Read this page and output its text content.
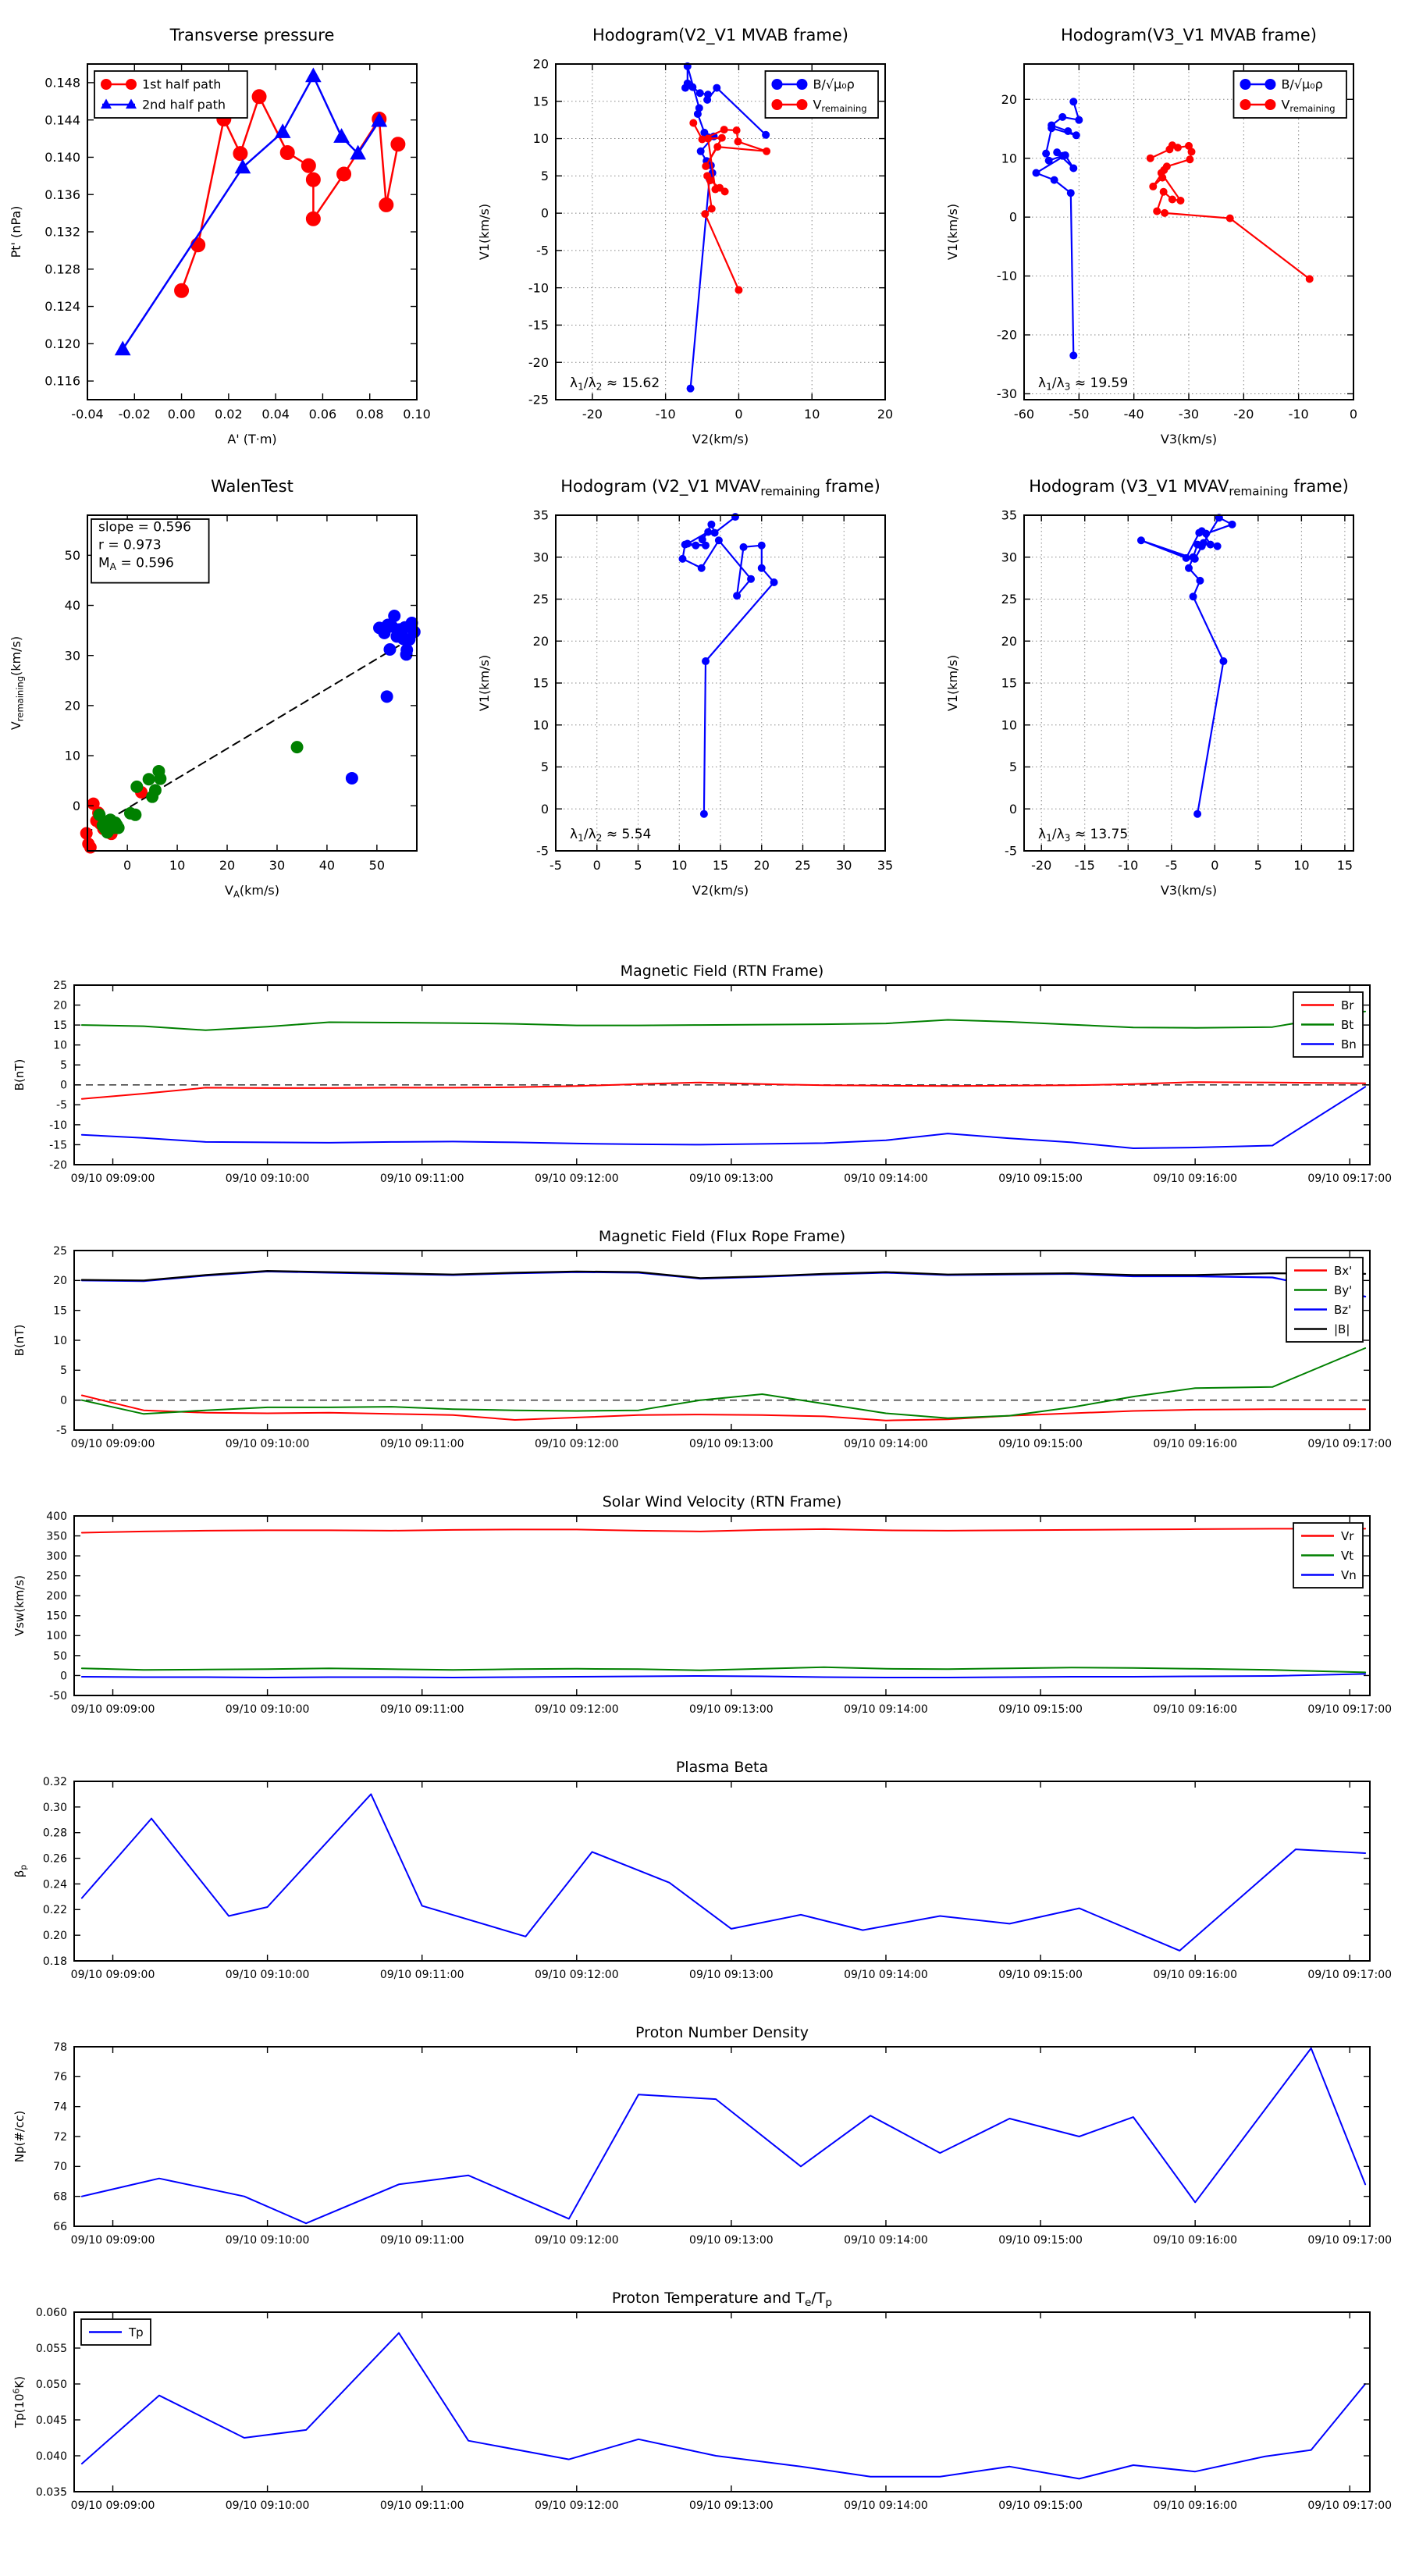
-0.04 -0.02 0.00 0.02 0.04 0.06 0.08 0.10
0.116
0.120
0.124
0.128
0.132
0.136
0.140
0.144
0.148
Transverse pressure
A' (T·m)
Pt' (nPa)
1st half path
2nd half path
-20	-10	0	10	20
-25
-20
-15
-10
-5
0
5
10
15
20
Hodogram(V2_V1 MVAB frame)
V2(km/s)
V1(km/s)
$\lambda_1/\lambda_2 \approx 15.62$
B/√μ₀ρ
$V_{remaining}$
-60	-50	-40	-30	-20	-10	0
-30
-20
-10
0
10
20
Hodogram(V3_V1 MVAB frame)
V3(km/s)
V1(km/s)
$\lambda_1/\lambda_3 \approx 19.59$
B/√μ₀ρ
$V_{remaining}$
0	10	20	30	40	50
0
10
20
30
40
50
WalenTest
$V_A(km/s)$
$V_{remaining}(km/s)$
slope = 0.596
r = 0.973
$M_A = 0.596$
-5 0	5 10 15 20 25 30 35
-5
0
5
10
15
20
25
30
35
Hodogram (V2_V1 $MVAV_{remaining}$ frame)
V2(km/s)
V1(km/s)
$\lambda_1/\lambda_2 \approx 5.54$
-20 -15 -10 -5	0	5	10 15
-5
0
5
10
15
20
25
30
35
Hodogram (V3_V1 $MVAV_{remaining}$ frame)
V3(km/s)
V1(km/s)
$\lambda_1/\lambda_3 \approx 13.75$
09/10 09:09:00	09/10 09:10:00	09/10 09:11:00	09/10 09:12:00	09/10 09:13:00	09/10 09:14:00	09/10 09:15:00	09/10 09:16:00	09/10 09:17:00
-20
-15
-10
-5
0
5
10
15
20
25
Magnetic Field (RTN Frame)
B(nT)
Br
Bt
Bn
09/10 09:09:00	09/10 09:10:00	09/10 09:11:00	09/10 09:12:00	09/10 09:13:00	09/10 09:14:00	09/10 09:15:00	09/10 09:16:00	09/10 09:17:00
-5
0
5
10
15
20
25
Magnetic Field (Flux Rope Frame)
B(nT)
Bx'
By'
Bz'
|B|
09/10 09:09:00	09/10 09:10:00	09/10 09:11:00	09/10 09:12:00	09/10 09:13:00	09/10 09:14:00	09/10 09:15:00	09/10 09:16:00	09/10 09:17:00
-50
0
50
100
150
200
250
300
350
400
Solar Wind Velocity (RTN Frame)
Vsw(km/s)
Vr
Vt
Vn
09/10 09:09:00	09/10 09:10:00	09/10 09:11:00	09/10 09:12:00	09/10 09:13:00	09/10 09:14:00	09/10 09:15:00	09/10 09:16:00	09/10 09:17:00
0.18
0.20
0.22
0.24
0.26
0.28
0.30
0.32
Plasma Beta
$\beta_p$
09/10 09:09:00	09/10 09:10:00	09/10 09:11:00	09/10 09:12:00	09/10 09:13:00	09/10 09:14:00	09/10 09:15:00	09/10 09:16:00	09/10 09:17:00
66
68
70
72
74
76
78
Proton Number Density
Np(#/cc)
09/10 09:09:00	09/10 09:10:00	09/10 09:11:00	09/10 09:12:00	09/10 09:13:00	09/10 09:14:00	09/10 09:15:00	09/10 09:16:00	09/10 09:17:00
0.035
0.040
0.045
0.050
0.055
0.060
Proton Temperature and $T_e/T_p$
$Tp(10^6K)$
Tp
